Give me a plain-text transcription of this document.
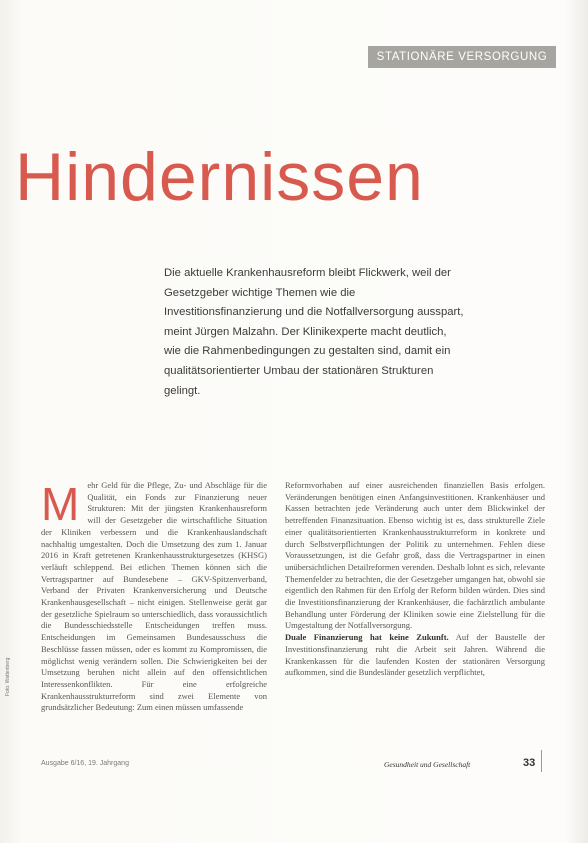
STATIONÄRE VERSORGUNG
Hindernissen

Die aktuelle Krankenhausreform bleibt Flickwerk, weil der Gesetzgeber wichtige Themen wie die Investitionsfinanzierung und die Notfallversorgung ausspart, meint Jürgen Malzahn. Der Klinikexperte macht deutlich, wie die Rahmenbedingungen zu gestalten sind, damit ein qualitätsorientierter Umbau der stationären Strukturen gelingt.

M ehr Geld für die Pflege, Zu- und Abschläge für die Qualität, ein Fonds zur Finanzierung neuer Strukturen: Mit der jüngsten Krankenhausreform will der Gesetzgeber die wirtschaftliche Situation der Kliniken verbessern und die Krankenhauslandschaft nachhaltig umgestalten. Doch die Umsetzung des zum 1. Januar 2016 in Kraft getretenen Krankenhausstrukturgesetzes (KHSG) verläuft schleppend. Bei etlichen Themen können sich die Vertragspartner auf Bundesebene – GKV-Spitzenverband, Verband der Privaten Krankenversicherung und Deutsche Krankenhausgesellschaft – nicht einigen. Stellenweise gerät gar der gesetzliche Spielraum so unterschiedlich, dass voraussichtlich die Bundesschiedsstelle Entscheidungen treffen muss. Entscheidungen im Gemeinsamen Bundesausschuss die Beschlüsse fassen müssen, oder es kommt zu Kompromissen, die möglichst wenig verändern sollen. Die Schwierigkeiten bei der Umsetzung beruhen nicht allein auf den offensichtlichen Interessenkonflikten. Für eine erfolgreiche Krankenhausstrukturreform sind zwei Elemente von grundsätzlicher Bedeutung: Zum einen müssen umfassende

Reformvorhaben auf einer ausreichenden finanziellen Basis erfolgen. Veränderungen benötigen einen Anfangsinvestitionen. Krankenhäuser und Kassen betrachten jede Veränderung auch unter dem Blickwinkel der betreffenden Finanzsituation. Ebenso wichtig ist es, dass strukturelle Ziele einer qualitätsorientierten Krankenhausstrukturreform in konkrete und durch Selbstverpflichtungen der Politik zu unternehmen. Fehlen diese Voraussetzungen, ist die Gefahr groß, dass die Vertragspartner in einen unübersichtlichen Detailreformen verenden. Deshalb lohnt es sich, relevante Themenfelder zu betrachten, die der Gesetzgeber umgangen hat, obwohl sie eigentlich den Rahmen für den Erfolg der Reform bilden würden. Dies sind die Investitionsfinanzierung der Krankenhäuser, die fachärztlich ambulante Behandlung unter Förderung der Kliniken sowie eine Zielstellung für die Umgestaltung der Notfallversorgung.

Duale Finanzierung hat keine Zukunft. Auf der Baustelle der Investitionsfinanzierung ruht die Arbeit seit Jahren. Während die Krankenkassen für die laufenden Kosten der stationären Versorgung aufkommen, sind die Bundesländer gesetzlich verpflichtet,

Foto: Wattenberg
Ausgabe 6/16, 19. Jahrgang	Gesundheit und Gesellschaft	33
